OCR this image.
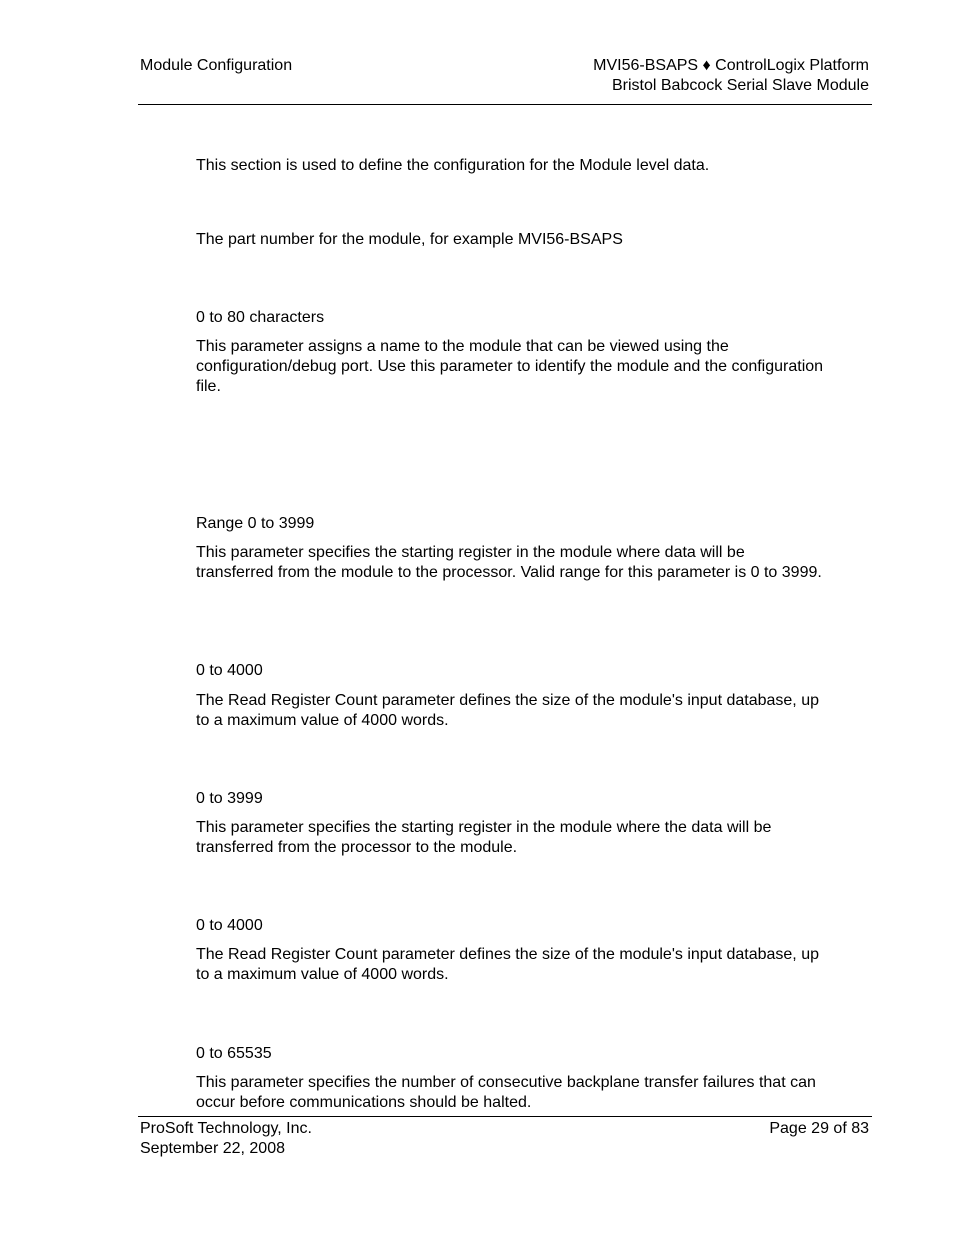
Module Configuration	MVI56-BSAPS ♦ ControlLogix Platform
Bristol Babcock Serial Slave Module

This section is used to define the configuration for the Module level data.

The part number for the module, for example MVI56-BSAPS

0 to 80 characters

This parameter assigns a name to the module that can be viewed using the configuration/debug port. Use this parameter to identify the module and the configuration file.

Range 0 to 3999

This parameter specifies the starting register in the module where data will be transferred from the module to the processor. Valid range for this parameter is 0 to 3999.

0 to 4000

The Read Register Count parameter defines the size of the module's input database, up to a maximum value of 4000 words.

0 to 3999

This parameter specifies the starting register in the module where the data will be transferred from the processor to the module.

0 to 4000

The Read Register Count parameter defines the size of the module's input database, up to a maximum value of 4000 words.

0 to 65535

This parameter specifies the number of consecutive backplane transfer failures that can occur before communications should be halted.

ProSoft Technology, Inc.
September 22, 2008
Page 29 of 83
